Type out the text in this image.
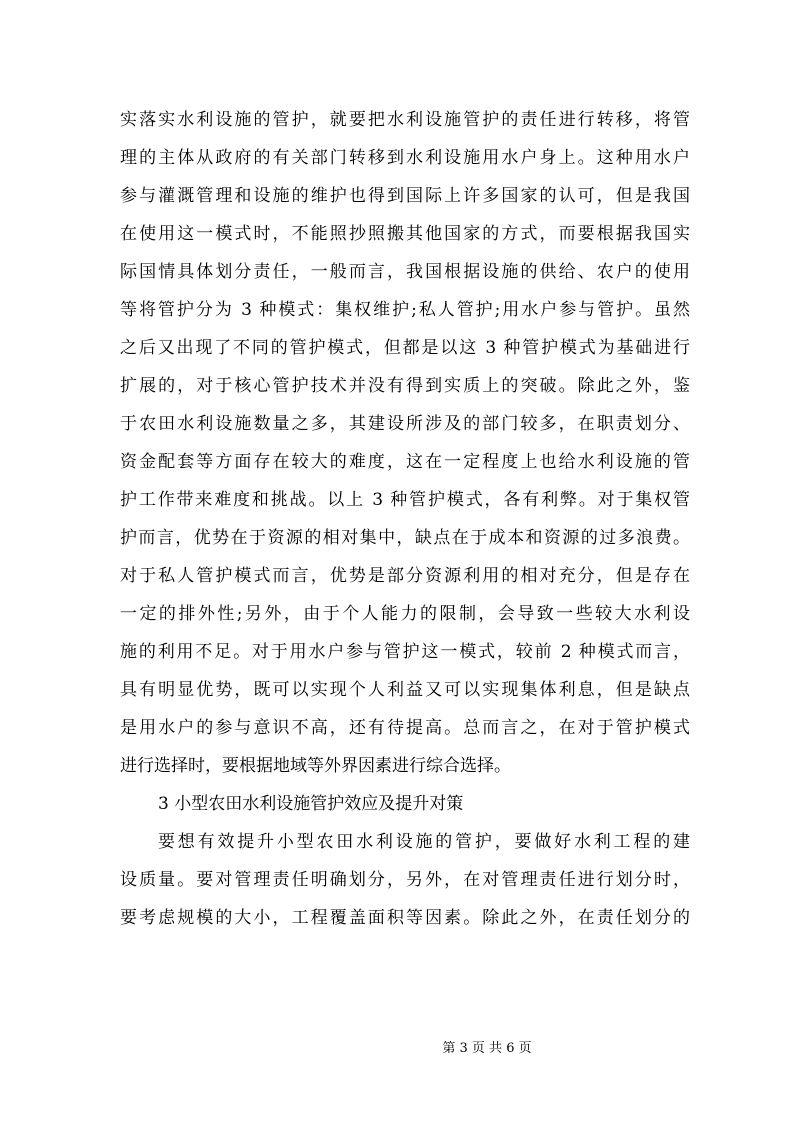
实落实水利设施的管护，就要把水利设施管护的责任进行转移，将管
理的主体从政府的有关部门转移到水利设施用水户身上。这种用水户
参与灌溉管理和设施的维护也得到国际上许多国家的认可，但是我国
在使用这一模式时，不能照抄照搬其他国家的方式，而要根据我国实
际国情具体划分责任，一般而言，我国根据设施的供给、农户的使用
等将管护分为 3 种模式：集权维护;私人管护;用水户参与管护。虽然
之后又出现了不同的管护模式，但都是以这 3 种管护模式为基础进行
扩展的，对于核心管护技术并没有得到实质上的突破。除此之外，鉴
于农田水利设施数量之多，其建设所涉及的部门较多，在职责划分、
资金配套等方面存在较大的难度，这在一定程度上也给水利设施的管
护工作带来难度和挑战。以上 3 种管护模式，各有利弊。对于集权管
护而言，优势在于资源的相对集中，缺点在于成本和资源的过多浪费。
对于私人管护模式而言，优势是部分资源利用的相对充分，但是存在
一定的排外性;另外，由于个人能力的限制，会导致一些较大水利设
施的利用不足。对于用水户参与管护这一模式，较前 2 种模式而言，
具有明显优势，既可以实现个人利益又可以实现集体利息，但是缺点
是用水户的参与意识不高，还有待提高。总而言之，在对于管护模式
进行选择时，要根据地域等外界因素进行综合选择。
3 小型农田水利设施管护效应及提升对策
要想有效提升小型农田水利设施的管护，要做好水利工程的建
设质量。要对管理责任明确划分，另外，在对管理责任进行划分时，
要考虑规模的大小，工程覆盖面积等因素。除此之外，在责任划分的
第 3 页 共 6 页
